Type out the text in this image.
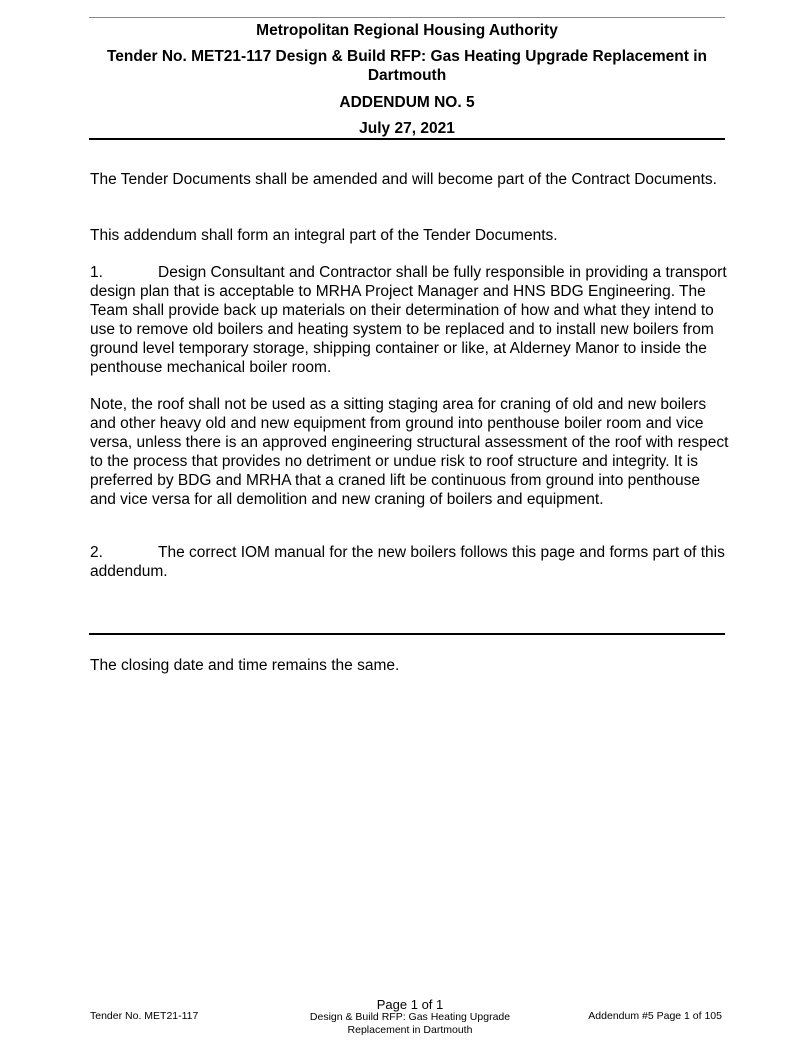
Metropolitan Regional Housing Authority
Tender No. MET21-117 Design & Build RFP: Gas Heating Upgrade Replacement in Dartmouth
ADDENDUM NO. 5
July 27, 2021
The Tender Documents shall be amended and will become part of the Contract Documents.
This addendum shall form an integral part of the Tender Documents.
1.	Design Consultant and Contractor shall be fully responsible in providing a transport design plan that is acceptable to MRHA Project Manager and HNS BDG Engineering. The Team shall provide back up materials on their determination of how and what they intend to use to remove old boilers and heating system to be replaced and to install new boilers from ground level temporary storage, shipping container or like, at Alderney Manor to inside the penthouse mechanical boiler room.
Note, the roof shall not be used as a sitting staging area for craning of old and new boilers and other heavy old and new equipment from ground into penthouse boiler room and vice versa, unless there is an approved engineering structural assessment of the roof with respect to the process that provides no detriment or undue risk to roof structure and integrity. It is preferred by BDG and MRHA that a craned lift be continuous from ground into penthouse and vice versa for all demolition and new craning of boilers and equipment.
2.	The correct IOM manual for the new boilers follows this page and forms part of this addendum.
The closing date and time remains the same.
Tender No. MET21-117
Page 1 of 1
Design & Build RFP: Gas Heating Upgrade
Replacement in Dartmouth
Addendum #5 Page 1 of 105
